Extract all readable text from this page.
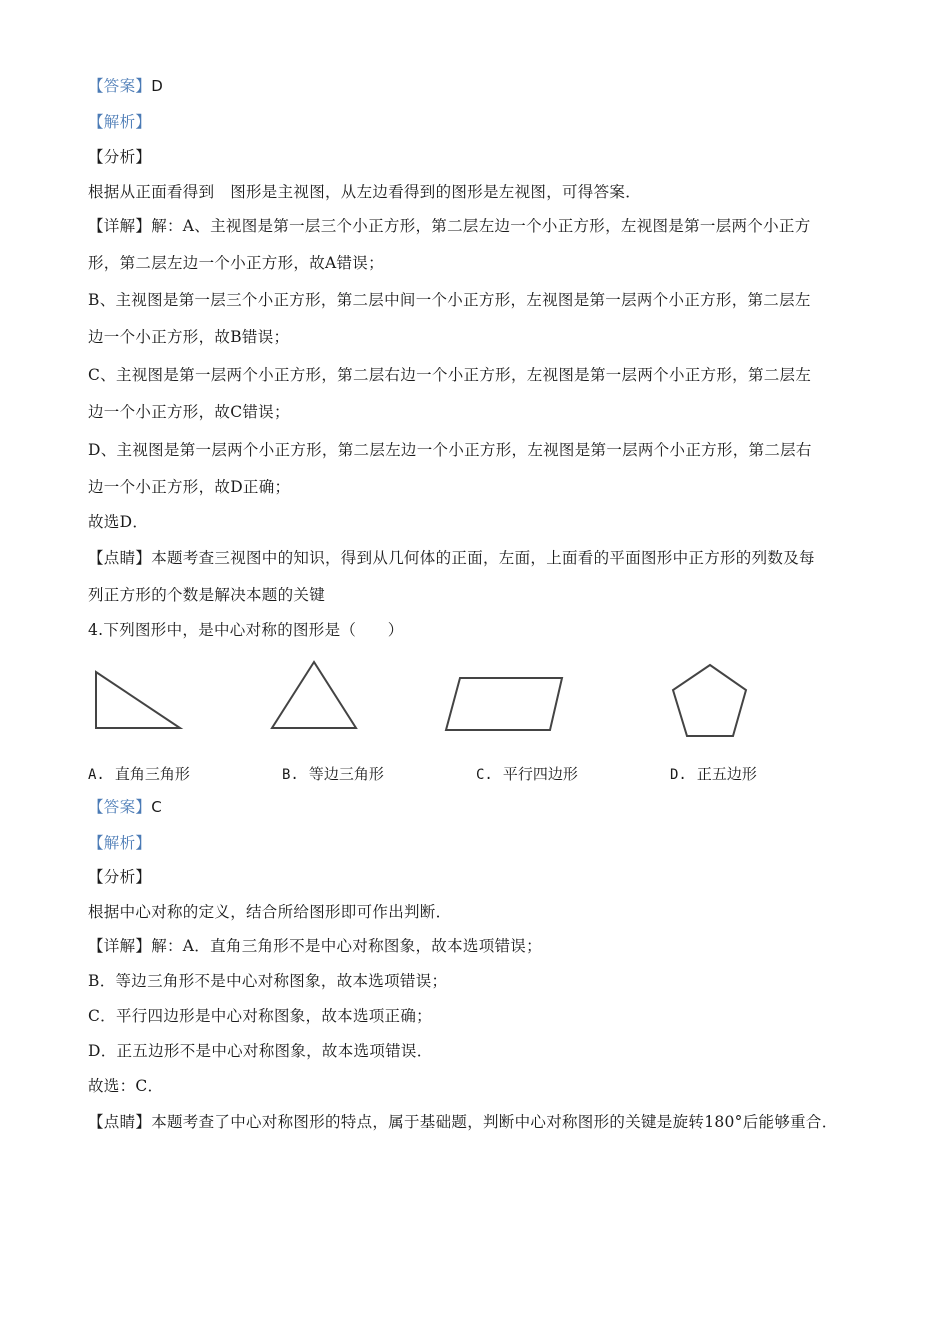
【答案】D
【解析】
【分析】
根据从正面看得到　图形是主视图，从左边看得到的图形是左视图，可得答案．
【详解】解：A、主视图是第一层三个小正方形，第二层左边一个小正方形，左视图是第一层两个小正方
形，第二层左边一个小正方形，故A错误；
B、主视图是第一层三个小正方形，第二层中间一个小正方形，左视图是第一层两个小正方形，第二层左
边一个小正方形，故B错误；
C、主视图是第一层两个小正方形，第二层右边一个小正方形，左视图是第一层两个小正方形，第二层左
边一个小正方形，故C错误；
D、主视图是第一层两个小正方形，第二层左边一个小正方形，左视图是第一层两个小正方形，第二层右
边一个小正方形，故D正确；
故选D．
【点睛】本题考查三视图中的知识，得到从几何体的正面，左面，上面看的平面图形中正方形的列数及每
列正方形的个数是解决本题的关键
4.下列图形中，是中心对称的图形是（　　）
A. 直角三角形	B. 等边三角形	C. 平行四边形	D. 正五边形
【答案】C
【解析】
【分析】
根据中心对称的定义，结合所给图形即可作出判断．
【详解】解：A．直角三角形不是中心对称图象，故本选项错误；
B．等边三角形不是中心对称图象，故本选项错误；
C．平行四边形是中心对称图象，故本选项正确；
D．正五边形不是中心对称图象，故本选项错误．
故选：C．
【点睛】本题考查了中心对称图形的特点，属于基础题，判断中心对称图形的关键是旋转180°后能够重合．
